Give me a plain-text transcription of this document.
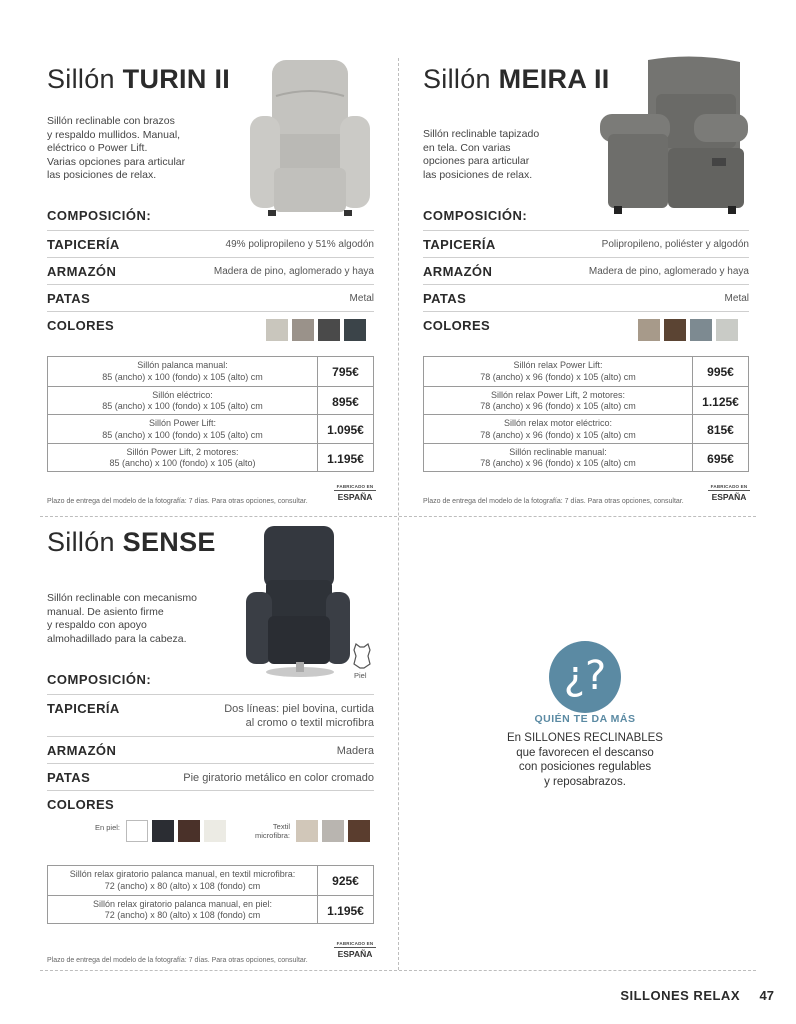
Sillón TURIN II
Sillón reclinable con brazos
y respaldo mullidos. Manual,
eléctrico o Power Lift.
Varias opciones para articular
las posiciones de relax.
COMPOSICIÓN:
TAPICERÍA	49% polipropileno y 51% algodón
ARMAZÓN	Madera de pino, aglomerado y haya
PATAS	Metal
COLORES
Sillón palanca manual:
85 (ancho) x 100 (fondo) x 105 (alto) cm	795€
Sillón eléctrico:
85 (ancho) x 100 (fondo) x 105 (alto) cm	895€
Sillón Power Lift:
85 (ancho) x 100 (fondo) x 105 (alto) cm	1.095€
Sillón Power Lift, 2 motores:
85 (ancho) x 100 (fondo) x 105 (alto)	1.195€
FABRICADO EN
ESPAÑA
Plazo de entrega del modelo de la fotografía: 7 días. Para otras opciones, consultar.
Sillón MEIRA II
Sillón reclinable tapizado
en tela. Con varias
opciones para articular
las posiciones de relax.
COMPOSICIÓN:
TAPICERÍA	Polipropileno, poliéster y algodón
ARMAZÓN	Madera de pino, aglomerado y haya
PATAS	Metal
COLORES
Sillón relax Power Lift:
78 (ancho) x 96 (fondo) x 105 (alto) cm	995€
Sillón relax Power Lift, 2 motores:
78 (ancho) x 96 (fondo) x 105 (alto) cm	1.125€
Sillón relax motor eléctrico:
78 (ancho) x 96 (fondo) x 105 (alto) cm	815€
Sillón reclinable manual:
78 (ancho) x 96 (fondo) x 105 (alto) cm	695€
FABRICADO EN
ESPAÑA
Plazo de entrega del modelo de la fotografía: 7 días. Para otras opciones, consultar.
Sillón SENSE
Sillón reclinable con mecanismo
manual. De asiento firme
y respaldo con apoyo
almohadillado para la cabeza.
Piel
COMPOSICIÓN:
TAPICERÍA	Dos líneas: piel bovina, curtida
al cromo o textil microfibra
ARMAZÓN	Madera
PATAS	Pie giratorio metálico en color cromado
COLORES
En piel:	Textil
microfibra:
Sillón relax giratorio palanca manual, en textil microfibra:
72 (ancho) x 80 (alto) x 108 (fondo) cm	925€
Sillón relax giratorio palanca manual, en piel:
72 (ancho) x 80 (alto) x 108 (fondo) cm	1.195€
FABRICADO EN
ESPAÑA
Plazo de entrega del modelo de la fotografía: 7 días. Para otras opciones, consultar.
¿?
QUIÉN TE DA MÁS
En SILLONES RECLINABLES
que favorecen el descanso
con posiciones regulables
y reposabrazos.
SILLONES RELAX 47
